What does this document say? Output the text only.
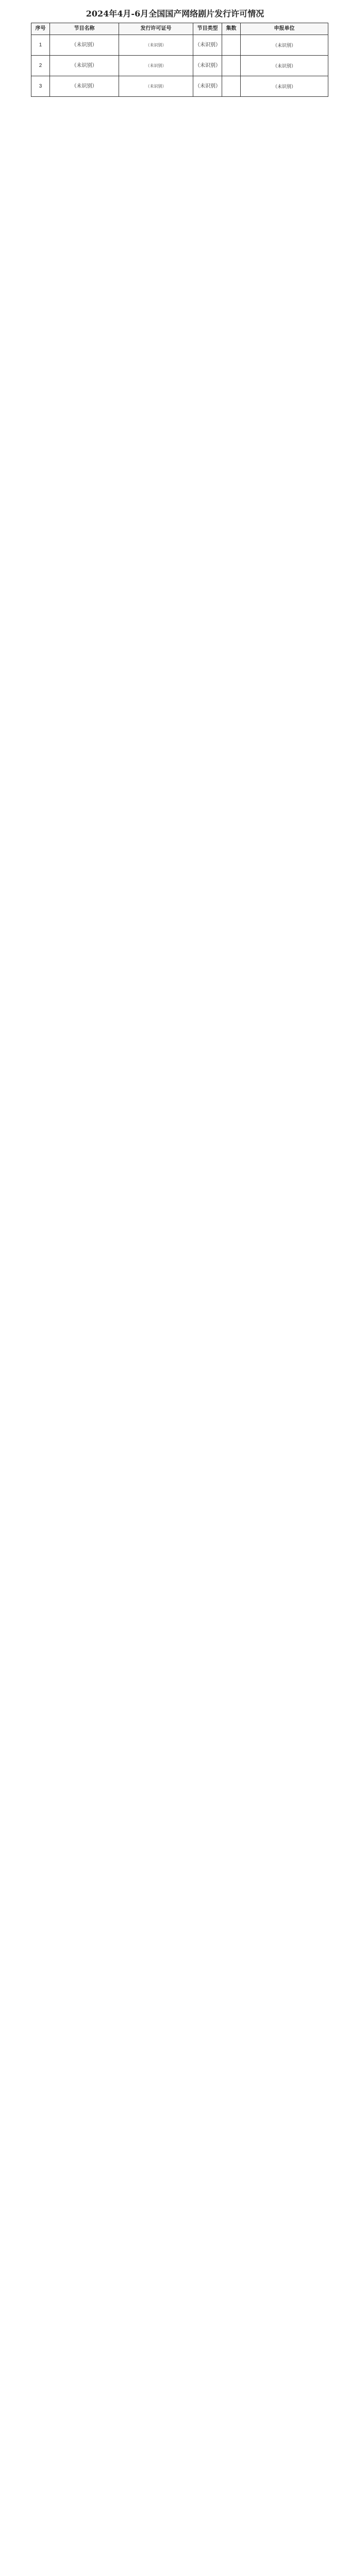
2024年4月-6月全国国产网络剧片发行许可情况
序号	节目名称	发行许可证号	节目类型	集数	申报单位
1	（未识别）	（未识别）	（未识别）		（未识别）
2	（未识别）	（未识别）	（未识别）		（未识别）
3	（未识别）	（未识别）	（未识别）		（未识别）
